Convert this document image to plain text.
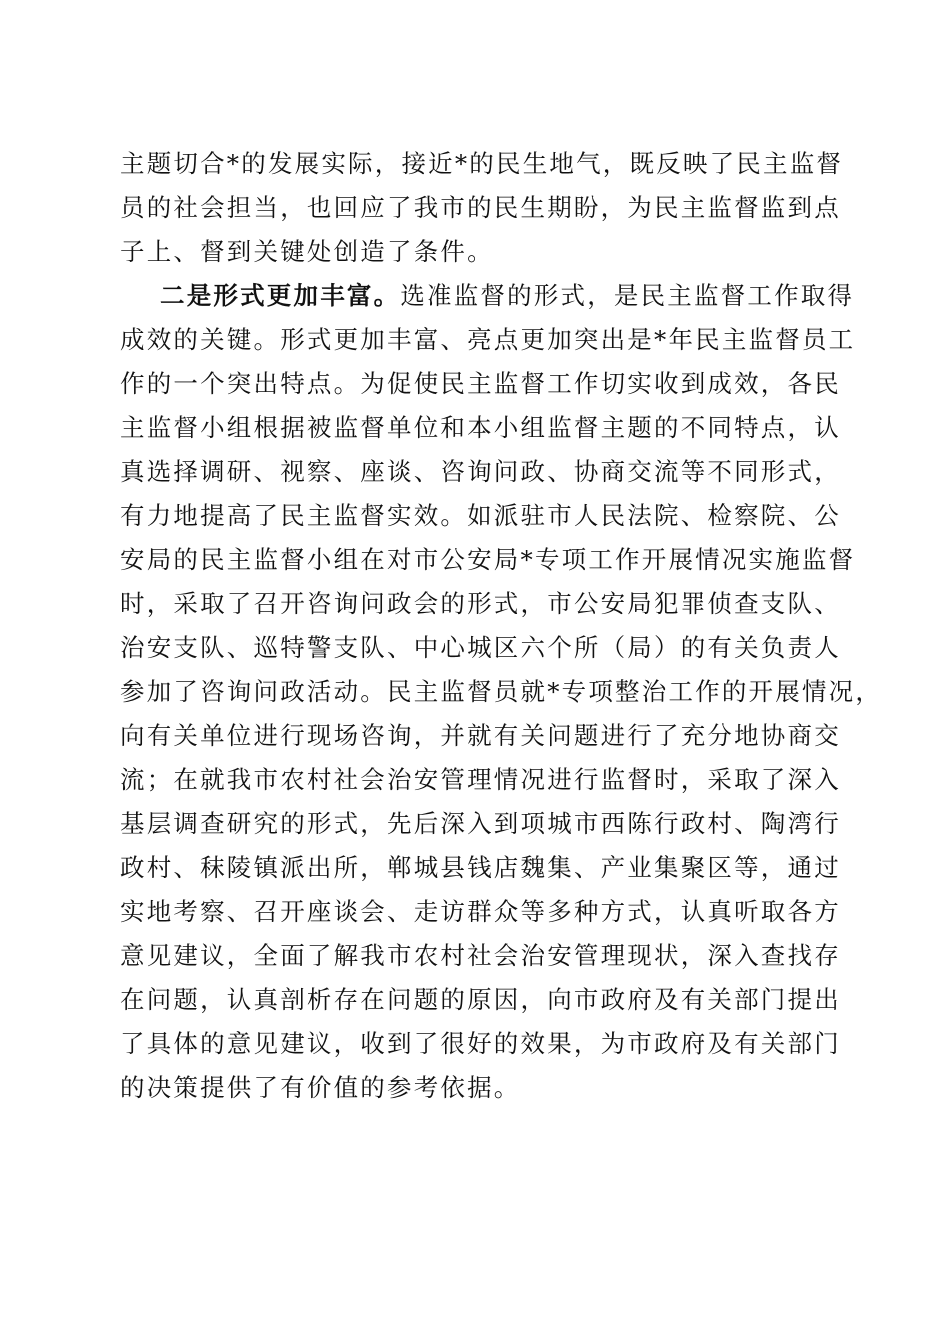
主题切合*的发展实际，接近*的民生地气，既反映了民主监督
员的社会担当，也回应了我市的民生期盼，为民主监督监到点
子上、督到关键处创造了条件。
二是形式更加丰富。选准监督的形式，是民主监督工作取得
成效的关键。形式更加丰富、亮点更加突出是*年民主监督员工
作的一个突出特点。为促使民主监督工作切实收到成效，各民
主监督小组根据被监督单位和本小组监督主题的不同特点，认
真选择调研、视察、座谈、咨询问政、协商交流等不同形式，
有力地提高了民主监督实效。如派驻市人民法院、检察院、公
安局的民主监督小组在对市公安局*专项工作开展情况实施监督
时，采取了召开咨询问政会的形式，市公安局犯罪侦查支队、
治安支队、巡特警支队、中心城区六个所（局）的有关负责人
参加了咨询问政活动。民主监督员就*专项整治工作的开展情况，
向有关单位进行现场咨询，并就有关问题进行了充分地协商交
流；在就我市农村社会治安管理情况进行监督时，采取了深入
基层调查研究的形式，先后深入到项城市西陈行政村、陶湾行
政村、秣陵镇派出所，郸城县钱店魏集、产业集聚区等，通过
实地考察、召开座谈会、走访群众等多种方式，认真听取各方
意见建议，全面了解我市农村社会治安管理现状，深入查找存
在问题，认真剖析存在问题的原因，向市政府及有关部门提出
了具体的意见建议，收到了很好的效果，为市政府及有关部门
的决策提供了有价值的参考依据。
